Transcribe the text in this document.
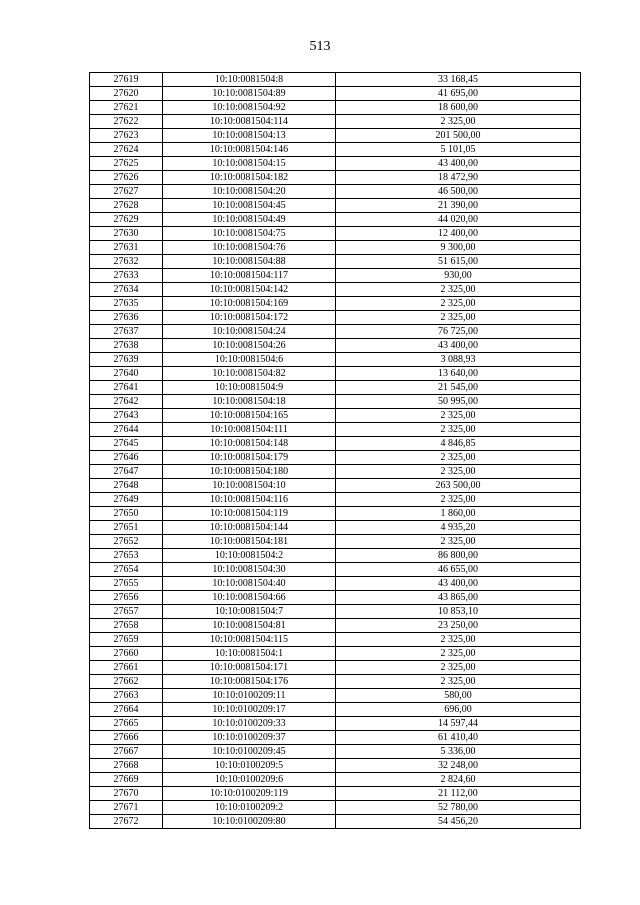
513
27619	10:10:0081504:8	33 168,45
27620	10:10:0081504:89	41 695,00
27621	10:10:0081504:92	18 600,00
27622	10:10:0081504:114	2 325,00
27623	10:10:0081504:13	201 500,00
27624	10:10:0081504:146	5 101,05
27625	10:10:0081504:15	43 400,00
27626	10:10:0081504:182	18 472,90
27627	10:10:0081504:20	46 500,00
27628	10:10:0081504:45	21 390,00
27629	10:10:0081504:49	44 020,00
27630	10:10:0081504:75	12 400,00
27631	10:10:0081504:76	9 300,00
27632	10:10:0081504:88	51 615,00
27633	10:10:0081504:117	930,00
27634	10:10:0081504:142	2 325,00
27635	10:10:0081504:169	2 325,00
27636	10:10:0081504:172	2 325,00
27637	10:10:0081504:24	76 725,00
27638	10:10:0081504:26	43 400,00
27639	10:10:0081504:6	3 088,93
27640	10:10:0081504:82	13 640,00
27641	10:10:0081504:9	21 545,00
27642	10:10:0081504:18	50 995,00
27643	10:10:0081504:165	2 325,00
27644	10:10:0081504:111	2 325,00
27645	10:10:0081504:148	4 846,85
27646	10:10:0081504:179	2 325,00
27647	10:10:0081504:180	2 325,00
27648	10:10:0081504:10	263 500,00
27649	10:10:0081504:116	2 325,00
27650	10:10:0081504:119	1 860,00
27651	10:10:0081504:144	4 935,20
27652	10:10:0081504:181	2 325,00
27653	10:10:0081504:2	86 800,00
27654	10:10:0081504:30	46 655,00
27655	10:10:0081504:40	43 400,00
27656	10:10:0081504:66	43 865,00
27657	10:10:0081504:7	10 853,10
27658	10:10:0081504:81	23 250,00
27659	10:10:0081504:115	2 325,00
27660	10:10:0081504:1	2 325,00
27661	10:10:0081504:171	2 325,00
27662	10:10:0081504:176	2 325,00
27663	10:10:0100209:11	580,00
27664	10:10:0100209:17	696,00
27665	10:10:0100209:33	14 597,44
27666	10:10:0100209:37	61 410,40
27667	10:10:0100209:45	5 336,00
27668	10:10:0100209:5	32 248,00
27669	10:10:0100209:6	2 824,60
27670	10:10:0100209:119	21 112,00
27671	10:10:0100209:2	52 780,00
27672	10:10:0100209:80	54 456,20
